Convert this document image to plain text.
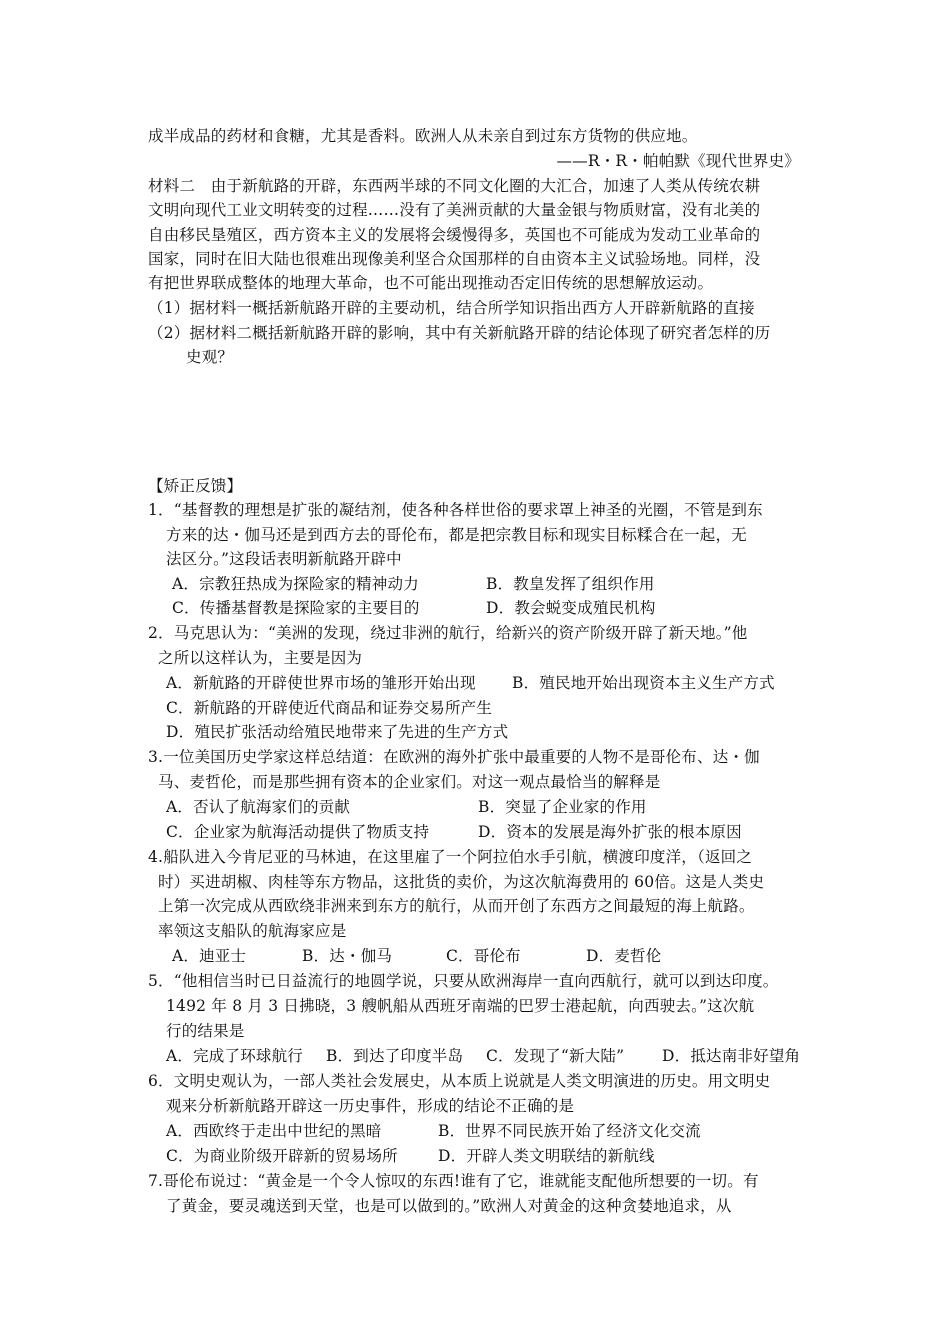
成半成品的药材和食糖，尤其是香料。欧洲人从未亲自到过东方货物的供应地。
——R・R・帕帕默《现代世界史》
材料二　由于新航路的开辟，东西两半球的不同文化圈的大汇合，加速了人类从传统农耕
文明向现代工业文明转变的过程……没有了美洲贡献的大量金银与物质财富，没有北美的
自由移民垦殖区，西方资本主义的发展将会缓慢得多，英国也不可能成为发动工业革命的
国家，同时在旧大陆也很难出现像美利坚合众国那样的自由资本主义试验场地。同样，没
有把世界联成整体的地理大革命，也不可能出现推动否定旧传统的思想解放运动。
（1）据材料一概括新航路开辟的主要动机，结合所学知识指出西方人开辟新航路的直接
（2）据材料二概括新航路开辟的影响，其中有关新航路开辟的结论体现了研究者怎样的历
史观？
【矫正反馈】
1．“基督教的理想是扩张的凝结剂，使各种各样世俗的要求罩上神圣的光圈，不管是到东
方来的达・伽马还是到西方去的哥伦布，都是把宗教目标和现实目标糅合在一起，无
法区分。”这段话表明新航路开辟中
A．宗教狂热成为探险家的精神动力	B．教皇发挥了组织作用
C．传播基督教是探险家的主要目的	D．教会蜕变成殖民机构
2．马克思认为：“美洲的发现，绕过非洲的航行，给新兴的资产阶级开辟了新天地。”他
之所以这样认为，主要是因为
A．新航路的开辟使世界市场的雏形开始出现 B．殖民地开始出现资本主义生产方式
C．新航路的开辟使近代商品和证券交易所产生
D．殖民扩张活动给殖民地带来了先进的生产方式
3.一位美国历史学家这样总结道：在欧洲的海外扩张中最重要的人物不是哥伦布、达・伽
马、麦哲伦，而是那些拥有资本的企业家们。对这一观点最恰当的解释是
A．否认了航海家们的贡献	B．突显了企业家的作用
C．企业家为航海活动提供了物质支持	D．资本的发展是海外扩张的根本原因
4.船队进入今肯尼亚的马林迪，在这里雇了一个阿拉伯水手引航，横渡印度洋，（返回之
时）买进胡椒、肉桂等东方物品，这批货的卖价，为这次航海费用的 60倍。这是人类史
上第一次完成从西欧绕非洲来到东方的航行，从而开创了东西方之间最短的海上航路。
率领这支船队的航海家应是
A．迪亚士	B．达・伽马	C．哥伦布	D．麦哲伦
5．“他相信当时已日益流行的地圆学说，只要从欧洲海岸一直向西航行，就可以到达印度。
1492 年 8 月 3 日拂晓，3 艘帆船从西班牙南端的巴罗士港起航，向西驶去。”这次航
行的结果是
A．完成了环球航行 B．到达了印度半岛 C．发现了“新大陆” D．抵达南非好望角
6．文明史观认为，一部人类社会发展史，从本质上说就是人类文明演进的历史。用文明史
观来分析新航路开辟这一历史事件，形成的结论不正确的是
A．西欧终于走出中世纪的黑暗	B．世界不同民族开始了经济文化交流
C．为商业阶级开辟新的贸易场所	D．开辟人类文明联结的新航线
7.哥伦布说过：“黄金是一个令人惊叹的东西!谁有了它，谁就能支配他所想要的一切。有
了黄金，要灵魂送到天堂，也是可以做到的。”欧洲人对黄金的这种贪婪地追求，从
